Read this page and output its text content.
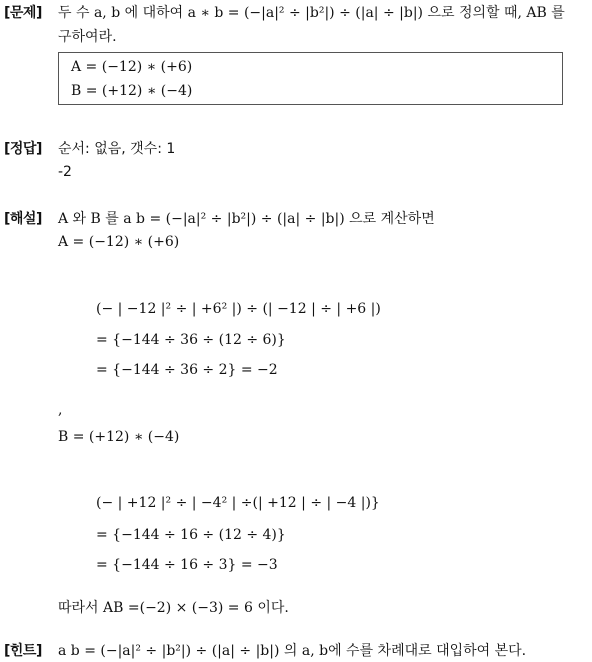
[문제] 두 수 a, b 에 대하여 a ∗ b = (−|a|² ÷ |b²|) ÷ (|a| ÷ |b|) 으로 정의할 때, AB 를
구하여라.
A = (−12) ∗ (+6)
B = (+12) ∗ (−4)
[정답] 순서: 없음, 갯수: 1
-2
[해설] A 와 B 를 a b = (−|a|² ÷ |b²|) ÷ (|a| ÷ |b|) 으로 계산하면
A = (−12) ∗ (+6)
(− | −12 |² ÷ | +6² |) ÷ (| −12 | ÷ | +6 |)
= {−144 ÷ 36 ÷ (12 ÷ 6)}
= {−144 ÷ 36 ÷ 2} = −2
,
B = (+12) ∗ (−4)
(− | +12 |² ÷ | −4² | ÷(| +12 | ÷ | −4 |)}
= {−144 ÷ 16 ÷ (12 ÷ 4)}
= {−144 ÷ 16 ÷ 3} = −3
따라서 AB =(−2) × (−3) = 6 이다.
[힌트] a b = (−|a|² ÷ |b²|) ÷ (|a| ÷ |b|) 의 a, b에 수를 차례대로 대입하여 본다.
